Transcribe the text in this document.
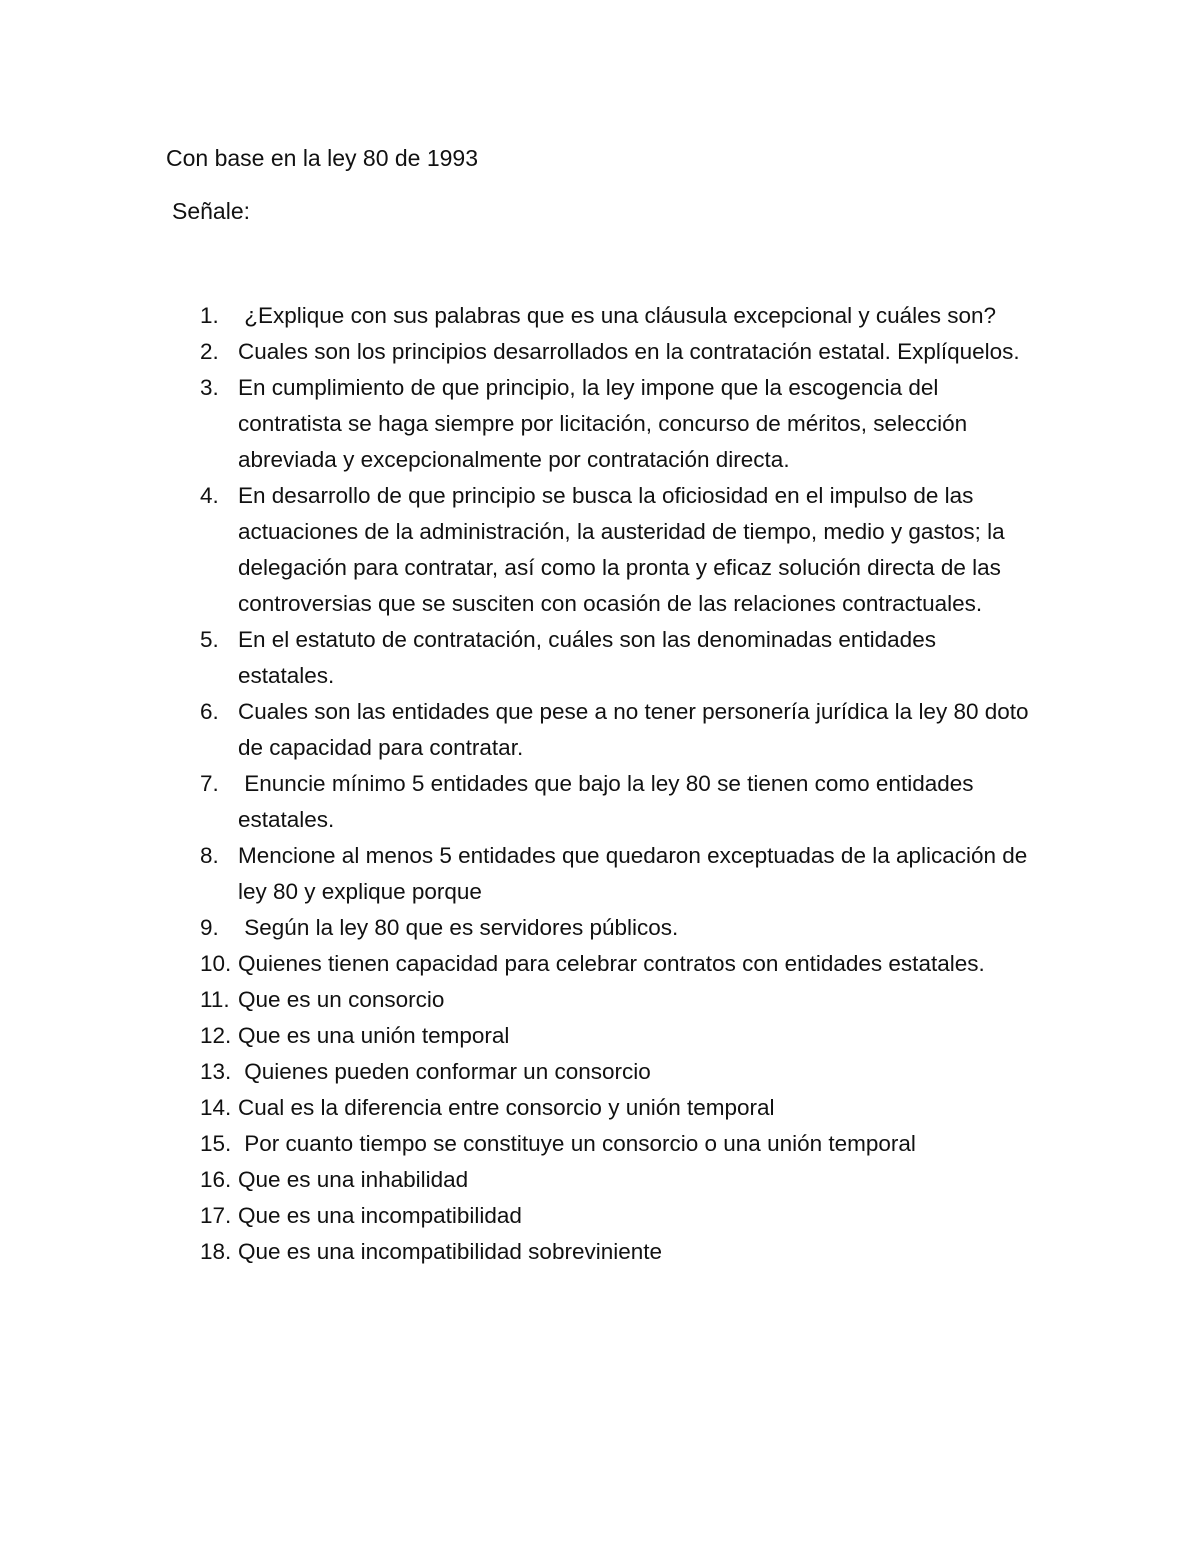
Con base en la ley 80 de 1993
Señale:
1. ¿Explique con sus palabras que es una cláusula excepcional y cuáles son?
2. Cuales son los principios desarrollados en la contratación estatal. Explíquelos.
3. En cumplimiento de que principio, la ley impone que la escogencia del contratista se haga siempre por licitación, concurso de méritos, selección abreviada y excepcionalmente por contratación directa.
4. En desarrollo de que principio se busca la oficiosidad en el impulso de las actuaciones de la administración, la austeridad de tiempo, medio y gastos; la delegación para contratar, así como la pronta y eficaz solución directa de las controversias que se susciten con ocasión de las relaciones contractuales.
5. En el estatuto de contratación, cuáles son las denominadas entidades estatales.
6. Cuales son las entidades que pese a no tener personería jurídica la ley 80 doto de capacidad para contratar.
7. Enuncie mínimo 5 entidades que bajo la ley 80 se tienen como entidades estatales.
8. Mencione al menos 5 entidades que quedaron exceptuadas de la aplicación de ley 80 y explique porque
9. Según la ley 80 que es servidores públicos.
10. Quienes tienen capacidad para celebrar contratos con entidades estatales.
11. Que es un consorcio
12. Que es una unión temporal
13. Quienes pueden conformar un consorcio
14. Cual es la diferencia entre consorcio y unión temporal
15. Por cuanto tiempo se constituye un consorcio o una unión temporal
16. Que es una inhabilidad
17. Que es una incompatibilidad
18. Que es una incompatibilidad sobreviniente
